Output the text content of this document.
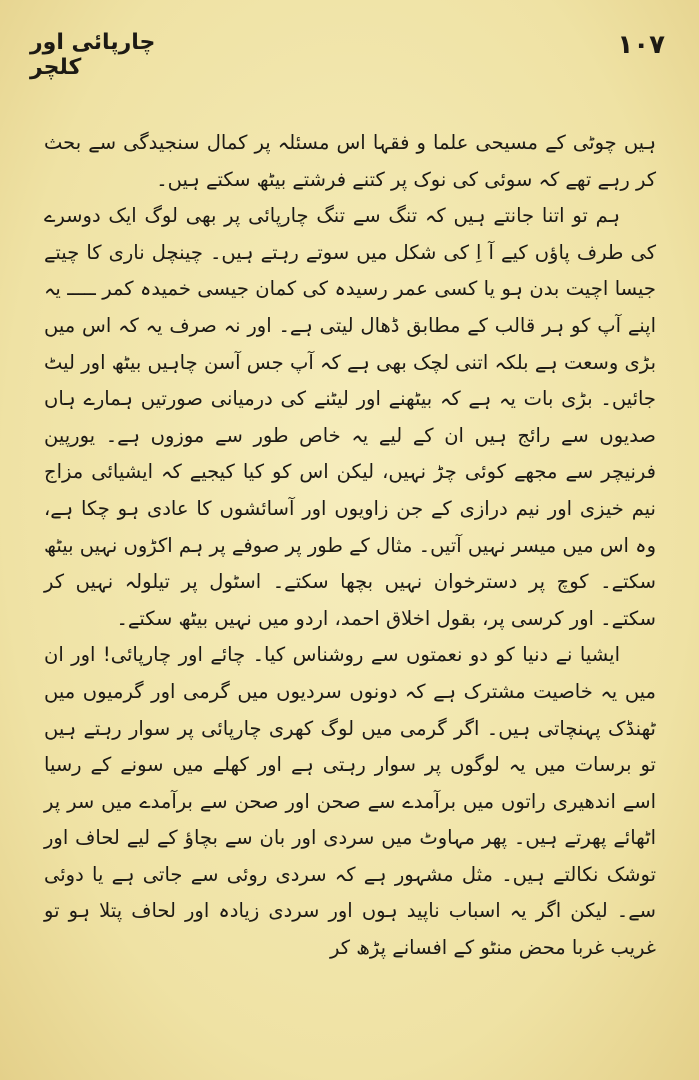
چارپائی اور کلچر
۱۰۷

ہیں چوٹی کے مسیحی علما و فقہا اس مسئلہ پر کمال سنجیدگی سے بحث کر رہے تھے کہ سوئی کی نوک پر کتنے فرشتے بیٹھ سکتے ہیں۔

ہم تو اتنا جانتے ہیں کہ تنگ سے تنگ چارپائی پر بھی لوگ ایک دوسرے کی طرف پاؤں کیے آ اِ کی شکل میں سوتے رہتے ہیں۔ چینچل ناری کا چیتے جیسا اچیت بدن ہو یا کسی عمر رسیدہ کی کمان جیسی خمیدہ کمر ـــــ یہ اپنے آپ کو ہر قالب کے مطابق ڈھال لیتی ہے۔ اور نہ صرف یہ کہ اس میں بڑی وسعت ہے بلکہ اتنی لچک بھی ہے کہ آپ جس آسن چاہیں بیٹھ اور لیٹ جائیں۔ بڑی بات یہ ہے کہ بیٹھنے اور لیٹنے کی درمیانی صورتیں ہمارے ہاں صدیوں سے رائج ہیں ان کے لیے یہ خاص طور سے موزوں ہے۔ یورپین فرنیچر سے مجھے کوئی چڑ نہیں، لیکن اس کو کیا کیجیے کہ ایشیائی مزاج نیم خیزی اور نیم درازی کے جن زاویوں اور آسائشوں کا عادی ہو چکا ہے، وہ اس میں میسر نہیں آتیں۔ مثال کے طور پر صوفے پر ہم اکڑوں نہیں بیٹھ سکتے۔ کوچ پر دسترخوان نہیں بچھا سکتے۔ اسٹول پر تیلولہ نہیں کر سکتے۔ اور کرسی پر، بقول اخلاق احمد، اردو میں نہیں بیٹھ سکتے۔

ایشیا نے دنیا کو دو نعمتوں سے روشناس کیا۔ چائے اور چارپائی! اور ان میں یہ خاصیت مشترک ہے کہ دونوں سردیوں میں گرمی اور گرمیوں میں ٹھنڈک پہنچاتی ہیں۔ اگر گرمی میں لوگ کھری چارپائی پر سوار رہتے ہیں تو برسات میں یہ لوگوں پر سوار رہتی ہے اور کھلے میں سونے کے رسیا اسے اندھیری راتوں میں برآمدے سے صحن اور صحن سے برآمدے میں سر پر اٹھائے پھرتے ہیں۔ پھر مہاوٹ میں سردی اور بان سے بچاؤ کے لیے لحاف اور توشک نکالتے ہیں۔ مثل مشہور ہے کہ سردی روئی سے جاتی ہے یا دوئی سے۔ لیکن اگر یہ اسباب ناپید ہوں اور سردی زیادہ اور لحاف پتلا ہو تو غریب غربا محض منٹو کے افسانے پڑھ کر
